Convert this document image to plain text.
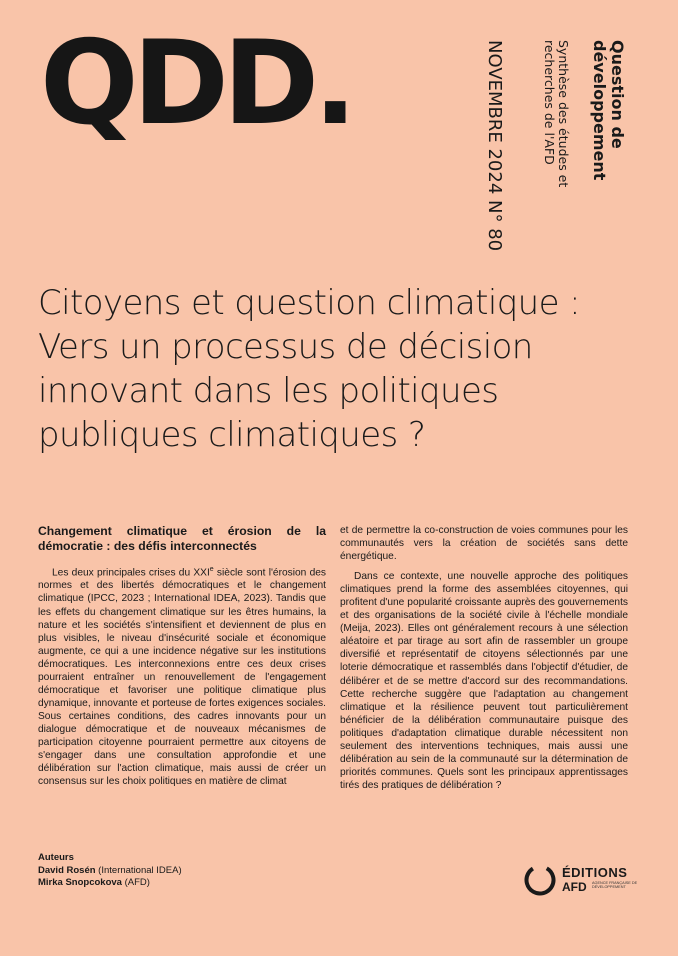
QDD.	Question de développement
Synthèse des études et recherches de l'AFD
NOVEMBRE 2024 N° 80
Citoyens et question climatique : Vers un processus de décision innovant dans les politiques publiques climatiques ?
Changement climatique et érosion de la démocratie : des défis interconnectés

Les deux principales crises du XXIe siècle sont l'érosion des normes et des libertés démocratiques et le changement climatique (IPCC, 2023 ; International IDEA, 2023). Tandis que les effets du changement climatique sur les êtres humains, la nature et les sociétés s'intensifient et deviennent de plus en plus visibles, le niveau d'insécurité sociale et économique augmente, ce qui a une incidence négative sur les institutions démocratiques. Les interconnexions entre ces deux crises pourraient entraîner un renouvellement de l'engagement démocratique et favoriser une politique climatique plus dynamique, innovante et porteuse de fortes exigences sociales. Sous certaines conditions, des cadres innovants pour un dialogue démocratique et de nouveaux mécanismes de participation citoyenne pourraient permettre aux citoyens de s'engager dans une consultation approfondie et une délibération sur l'action climatique, mais aussi de créer un consensus sur les choix politiques en matière de climat

et de permettre la co-construction de voies communes pour les communautés vers la création de sociétés sans dette énergétique.

Dans ce contexte, une nouvelle approche des politiques climatiques prend la forme des assemblées citoyennes, qui profitent d'une popularité croissante auprès des gouvernements et des organisations de la société civile à l'échelle mondiale (Meija, 2023). Elles ont généralement recours à une sélection aléatoire et par tirage au sort afin de rassembler un groupe diversifié et représentatif de citoyens sélectionnés par une loterie démocratique et rassemblés dans l'objectif d'étudier, de délibérer et de se mettre d'accord sur des recommandations. Cette recherche suggère que l'adaptation au changement climatique et la résilience peuvent tout particulièrement bénéficier de la délibération communautaire puisque des politiques d'adaptation climatique durable nécessitent non seulement des interventions techniques, mais aussi une délibération au sein de la communauté sur la détermination de priorités communes. Quels sont les principaux apprentissages tirés des pratiques de délibération ?

Auteurs
David Rosén (International IDEA)
Mirka Snopcokova (AFD)
ÉDITIONS
AFD AGENCE FRANÇAISE DE DÉVELOPPEMENT
